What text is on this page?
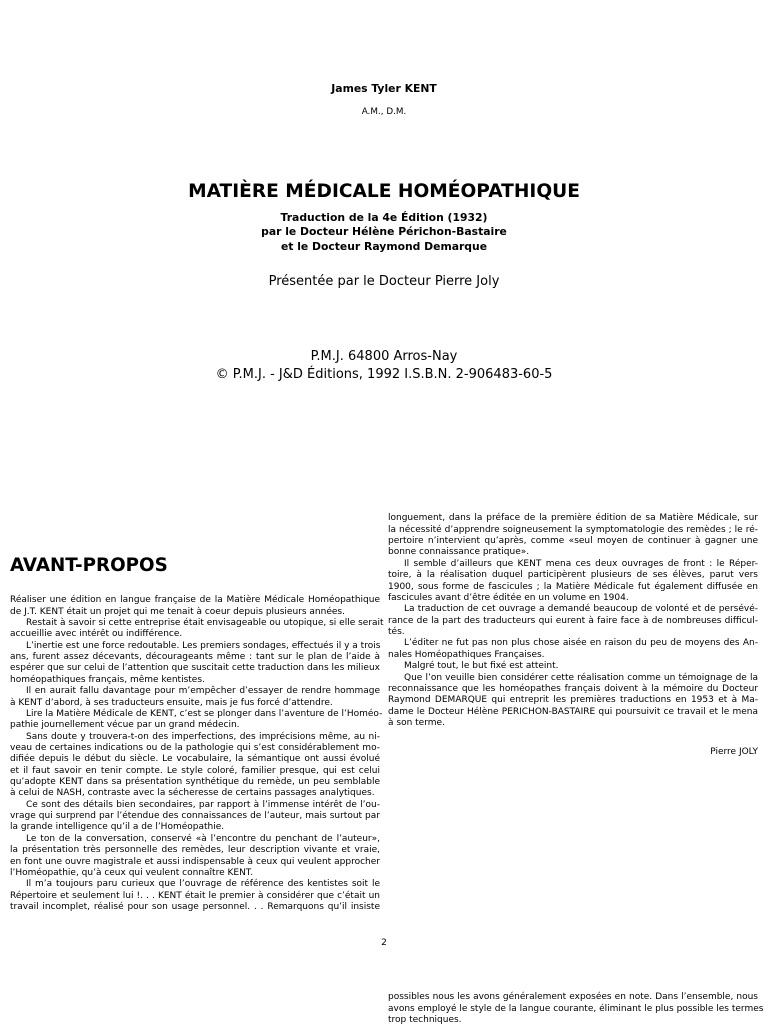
James Tyler KENT
A.M., D.M.
MATIÈRE MÉDICALE HOMÉOPATHIQUE
Traduction de la 4e Édition (1932)
par le Docteur Hélène Périchon-Bastaire
et le Docteur Raymond Demarque
Présentée par le Docteur Pierre Joly
P.M.J. 64800 Arros-Nay
© P.M.J. - J&D Éditions, 1992 I.S.B.N. 2-906483-60-5
AVANT-PROPOS
Réaliser une édition en langue française de la Matière Médicale Homéopathique
de J.T. KENT était un projet qui me tenait à coeur depuis plusieurs années.
Restait à savoir si cette entreprise était envisageable ou utopique, si elle serait
accueillie avec intérêt ou indifférence.
L’inertie est une force redoutable. Les premiers sondages, effectués il y a trois
ans, furent assez décevants, décourageants même : tant sur le plan de l’aide à
espérer que sur celui de l’attention que suscitait cette traduction dans les milieux
homéopathiques français, même kentistes.
Il en aurait fallu davantage pour m’empêcher d’essayer de rendre hommage
à KENT d’abord, à ses traducteurs ensuite, mais je fus forcé d’attendre.
Lire la Matière Médicale de KENT, c’est se plonger dans l’aventure de l’Homéo-
pathie journellement vécue par un grand médecin.
Sans doute y trouvera-t-on des imperfections, des imprécisions même, au ni-
veau de certaines indications ou de la pathologie qui s’est considérablement mo-
difiée depuis le début du siècle. Le vocabulaire, la sémantique ont aussi évolué
et il faut savoir en tenir compte. Le style coloré, familier presque, qui est celui
qu’adopte KENT dans sa présentation synthétique du remède, un peu semblable
à celui de NASH, contraste avec la sécheresse de certains passages analytiques.
Ce sont des détails bien secondaires, par rapport à l’immense intérêt de l’ou-
vrage qui surprend par l’étendue des connaissances de l’auteur, mais surtout par
la grande intelligence qu’il a de l’Homéopathie.
Le ton de la conversation, conservé «à l’encontre du penchant de l’auteur»,
la présentation très personnelle des remèdes, leur description vivante et vraie,
en font une ouvre magistrale et aussi indispensable à ceux qui veulent approcher
l’Homéopathie, qu’à ceux qui veulent connaître KENT.
Il m’a toujours paru curieux que l’ouvrage de référence des kentistes soit le
Répertoire et seulement lui !. . . KENT était le premier à considérer que c’était un
travail incomplet, réalisé pour son usage personnel. . . Remarquons qu’il insiste
longuement, dans la préface de la première édition de sa Matière Médicale, sur
la nécessité d’apprendre soigneusement la symptomatologie des remèdes ; le ré-
pertoire n’intervient qu’après, comme «seul moyen de continuer à gagner une
bonne connaissance pratique».
Il semble d’ailleurs que KENT mena ces deux ouvrages de front : le Réper-
toire, à la réalisation duquel participèrent plusieurs de ses élèves, parut vers
1900, sous forme de fascicules ; la Matière Médicale fut également diffusée en
fascicules avant d’être éditée en un volume en 1904.
La traduction de cet ouvrage a demandé beaucoup de volonté et de persévé-
rance de la part des traducteurs qui eurent à faire face à de nombreuses difficul-
tés.
L’éditer ne fut pas non plus chose aisée en raison du peu de moyens des An-
nales Homéopathiques Françaises.
Malgré tout, le but fixé est atteint.
Que l’on veuille bien considérer cette réalisation comme un témoignage de la
reconnaissance que les homéopathes français doivent à la mémoire du Docteur
Raymond DEMARQUE qui entreprit les premières traductions en 1953 et à Ma-
dame le Docteur Hélène PERICHON-BASTAIRE qui poursuivit ce travail et le mena
à son terme.
Pierre JOLY
2
possibles nous les avons généralement exposées en note. Dans l’ensemble, nous
avons employé le style de la langue courante, éliminant le plus possible les termes
trop techniques.
